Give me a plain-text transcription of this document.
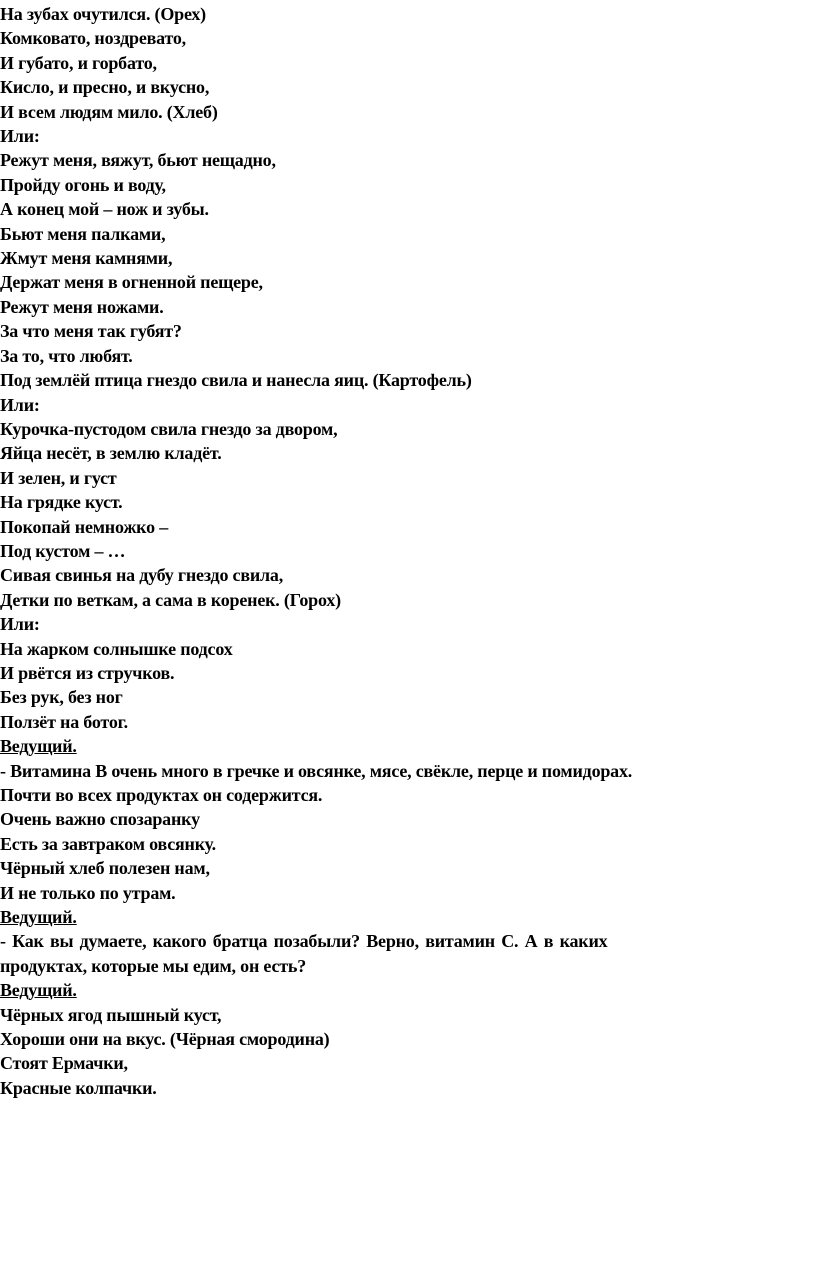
На зубах очутился. (Орех)

Комковато, ноздревато,

И губато, и горбато,

Кисло, и пресно, и вкусно,

И всем людям мило. (Хлеб)

Или:

Режут меня, вяжут, бьют нещадно,

Пройду огонь и воду,

А конец мой – нож и зубы.

Бьют меня палками,

Жмут меня камнями,

Держат меня в огненной пещере,

Режут меня ножами.

За что меня так губят?

За то, что любят.

Под землёй птица гнездо свила и нанесла яиц. (Картофель)

Или:

Курочка-пустодом свила гнездо за двором,

Яйца несёт, в землю кладёт.

И зелен, и густ

На грядке куст.

Покопай немножко –

Под кустом – …

Сивая свинья на дубу гнездо свила,

Детки по веткам, а сама в коренек. (Горох)

Или:

На жарком солнышке подсох

И рвётся из стручков.

Без рук, без ног

Ползёт на ботог.

Ведущий.

- Витамина В очень много в гречке и овсянке, мясе, свёкле, перце и помидорах.

Почти во всех продуктах он содержится.

Очень важно спозаранку

Есть за завтраком овсянку.

Чёрный хлеб полезен нам,

И не только по утрам.

Ведущий.

- Как вы думаете, какого братца позабыли? Верно, витамин С. А в каких

продуктах, которые мы едим, он есть?

Ведущий.

Чёрных ягод пышный куст,

Хороши они на вкус. (Чёрная смородина)

Стоят Ермачки,

Красные колпачки.
